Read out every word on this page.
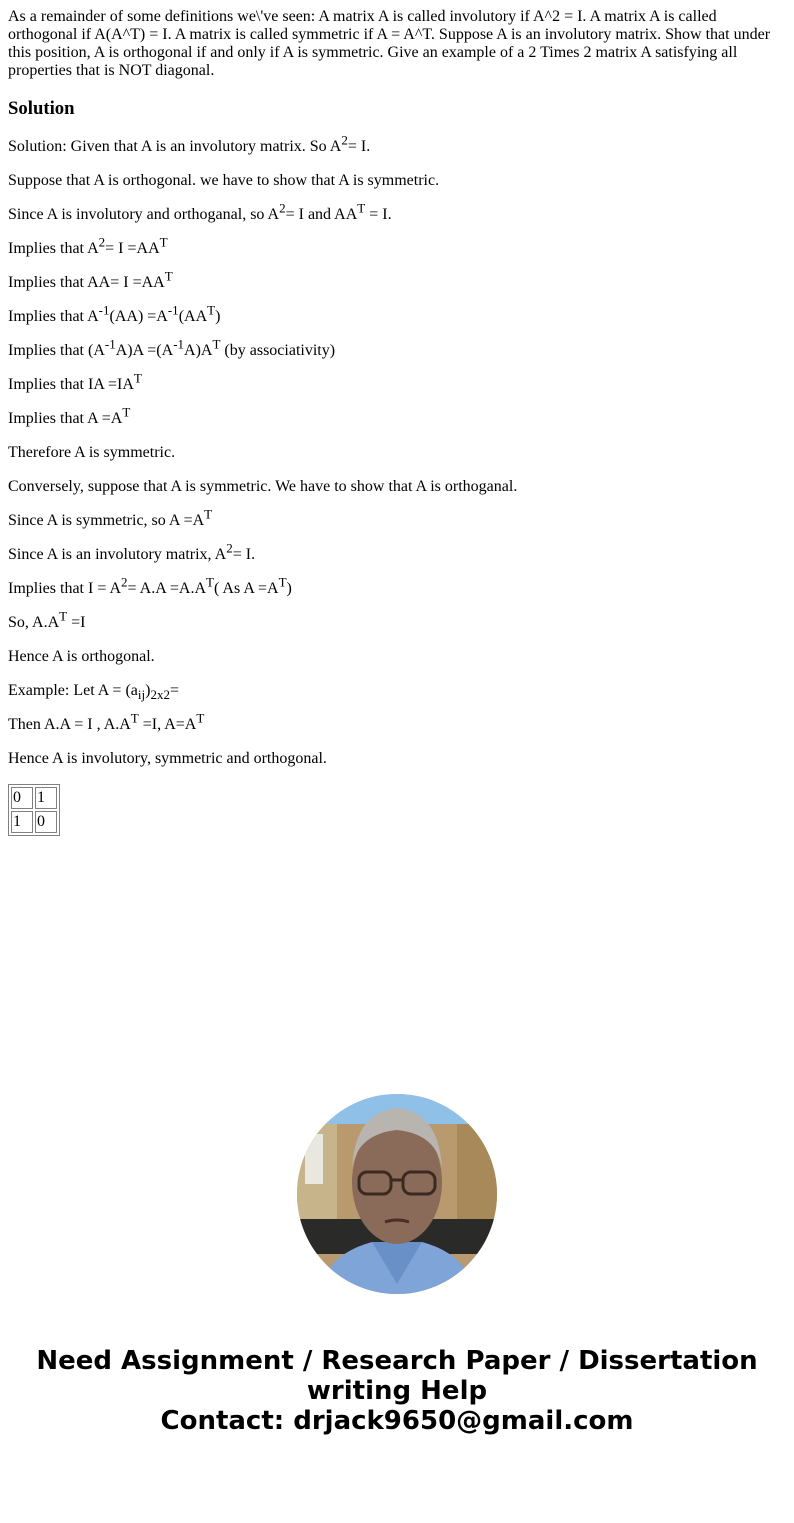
As a remainder of some definitions we\'ve seen: A matrix A is called involutory if A^2 = I. A matrix A is called orthogonal if A(A^T) = I. A matrix is called symmetric if A = A^T. Suppose A is an involutory matrix. Show that under this position, A is orthogonal if and only if A is symmetric. Give an example of a 2 Times 2 matrix A satisfying all properties that is NOT diagonal.

Solution

Solution: Given that A is an involutory matrix. So $A^2= I$.

Suppose that A is orthogonal. we have to show that A is symmetric.

Since A is involutory and orthoganal, so $A^2= I$ and $AA^T = I$.

Implies that $A^2= I =AA^T$

Implies that $AA= I =AA^T$

Implies that $A^{-1}(AA) =A^{-1}(AA^T)$

Implies that $(A^{-1}A)A =(A^{-1}A)A^T$ (by associativity)

Implies that IA $=IA^T$

Implies that $A =A^T$

Therefore A is symmetric.

Conversely, suppose that A is symmetric. We have to show that A is orthoganal.

Since A is symmetric, so $A =A^T$

Since A is an involutory matrix, $A^2= I$.

Implies that $I = A^2= A.A =A.A^T$( As $A =A^T$)

So, $A.A^T =I$

Hence A is orthogonal.

Example: Let $A = (a_{ij})_{2x2}=$

Then A.A = I , $A.A^T =I$, $A=A^T$

Hence A is involutory, symmetric and orthogonal.

0	1
1	0
Need Assignment / Research Paper / Dissertation
writing Help
Contact: drjack9650@gmail.com
